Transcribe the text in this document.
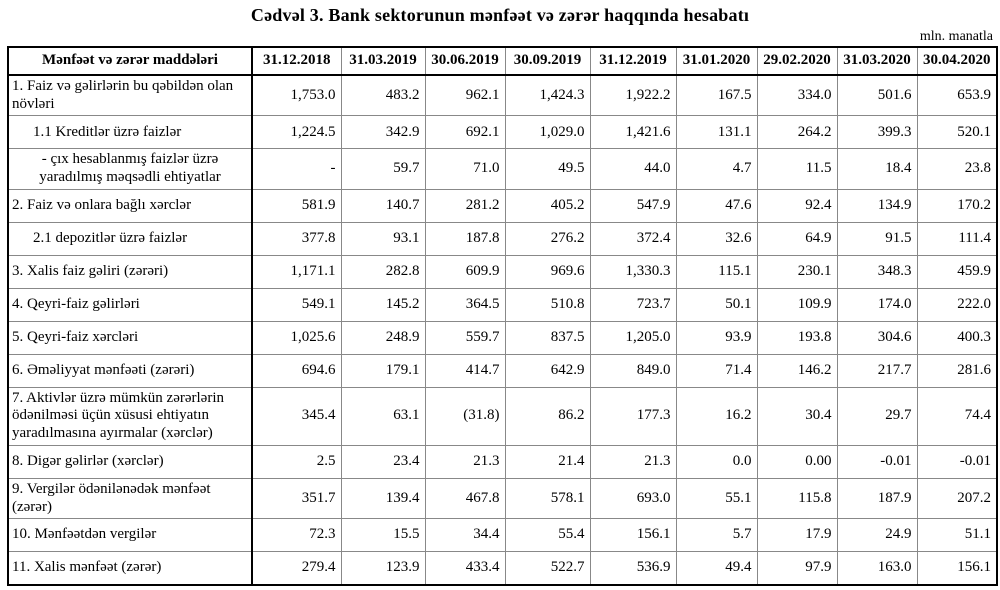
Cədvəl 3. Bank sektorunun mənfəət və zərər haqqında hesabatı
mln. manatla
Mənfəət və zərər maddələri	31.12.2018	31.03.2019	30.06.2019	30.09.2019	31.12.2019	31.01.2020	29.02.2020	31.03.2020	30.04.2020
1. Faiz və gəlirlərin bu qəbildən olan növləri	1,753.0	483.2	962.1	1,424.3	1,922.2	167.5	334.0	501.6	653.9
1.1 Kreditlər üzrə faizlər	1,224.5	342.9	692.1	1,029.0	1,421.6	131.1	264.2	399.3	520.1
- çıx hesablanmış faizlər üzrə yaradılmış məqsədli ehtiyatlar	-	59.7	71.0	49.5	44.0	4.7	11.5	18.4	23.8
2. Faiz və onlara bağlı xərclər	581.9	140.7	281.2	405.2	547.9	47.6	92.4	134.9	170.2
2.1 depozitlər üzrə faizlər	377.8	93.1	187.8	276.2	372.4	32.6	64.9	91.5	111.4
3. Xalis faiz gəliri (zərəri)	1,171.1	282.8	609.9	969.6	1,330.3	115.1	230.1	348.3	459.9
4. Qeyri-faiz gəlirləri	549.1	145.2	364.5	510.8	723.7	50.1	109.9	174.0	222.0
5. Qeyri-faiz xərcləri	1,025.6	248.9	559.7	837.5	1,205.0	93.9	193.8	304.6	400.3
6. Əməliyyat mənfəəti (zərəri)	694.6	179.1	414.7	642.9	849.0	71.4	146.2	217.7	281.6
7. Aktivlər üzrə mümkün zərərlərin ödənilməsi üçün xüsusi ehtiyatın yaradılmasına ayırmalar (xərclər)	345.4	63.1	(31.8)	86.2	177.3	16.2	30.4	29.7	74.4
8. Digər gəlirlər (xərclər)	2.5	23.4	21.3	21.4	21.3	0.0	0.00	-0.01	-0.01
9. Vergilər ödənilənədək mənfəət (zərər)	351.7	139.4	467.8	578.1	693.0	55.1	115.8	187.9	207.2
10. Mənfəətdən vergilər	72.3	15.5	34.4	55.4	156.1	5.7	17.9	24.9	51.1
11. Xalis mənfəət (zərər)	279.4	123.9	433.4	522.7	536.9	49.4	97.9	163.0	156.1
